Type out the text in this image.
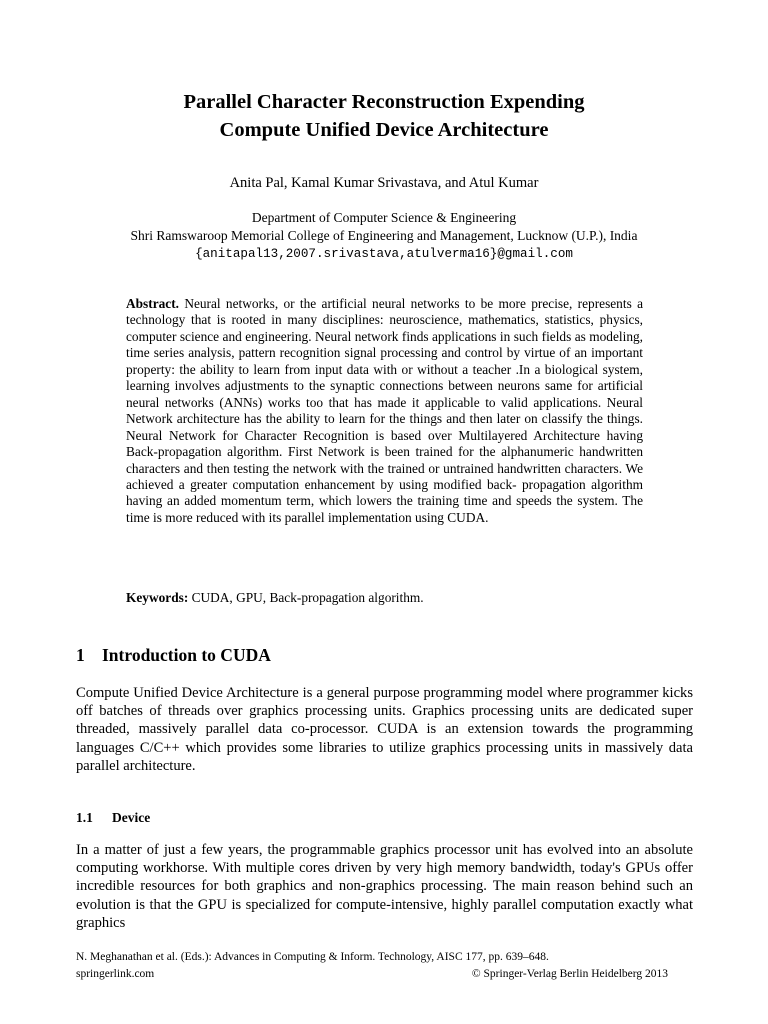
Parallel Character Reconstruction Expending
Compute Unified Device Architecture
Anita Pal, Kamal Kumar Srivastava, and Atul Kumar
Department of Computer Science & Engineering
Shri Ramswaroop Memorial College of Engineering and Management, Lucknow (U.P.), India
{anitapal13,2007.srivastava,atulverma16}@gmail.com
Abstract. Neural networks, or the artificial neural networks to be more precise, represents a technology that is rooted in many disciplines: neuroscience, mathematics, statistics, physics, computer science and engineering. Neural network finds applications in such fields as modeling, time series analysis, pattern recognition signal processing and control by virtue of an important property: the ability to learn from input data with or without a teacher .In a biological system, learning involves adjustments to the synaptic connections between neurons same for artificial neural networks (ANNs) works too that has made it applicable to valid applications. Neural Network architecture has the ability to learn for the things and then later on classify the things. Neural Network for Character Recognition is based over Multilayered Architecture having Back-propagation algorithm. First Network is been trained for the alphanumeric handwritten characters and then testing the network with the trained or untrained handwritten characters. We achieved a greater computation enhancement by using modified back- propagation algorithm having an added momentum term, which lowers the training time and speeds the system. The time is more reduced with its parallel implementation using CUDA.
Keywords: CUDA, GPU, Back-propagation algorithm.
1 Introduction to CUDA
Compute Unified Device Architecture is a general purpose programming model where programmer kicks off batches of threads over graphics processing units. Graphics processing units are dedicated super threaded, massively parallel data co-processor. CUDA is an extension towards the programming languages C/C++ which provides some libraries to utilize graphics processing units in massively data parallel architecture.
1.1 Device
In a matter of just a few years, the programmable graphics processor unit has evolved into an absolute computing workhorse. With multiple cores driven by very high memory bandwidth, today's GPUs offer incredible resources for both graphics and non-graphics processing. The main reason behind such an evolution is that the GPU is specialized for compute-intensive, highly parallel computation exactly what graphics
N. Meghanathan et al. (Eds.): Advances in Computing & Inform. Technology, AISC 177, pp. 639–648.
springerlink.com	© Springer-Verlag Berlin Heidelberg 2013
